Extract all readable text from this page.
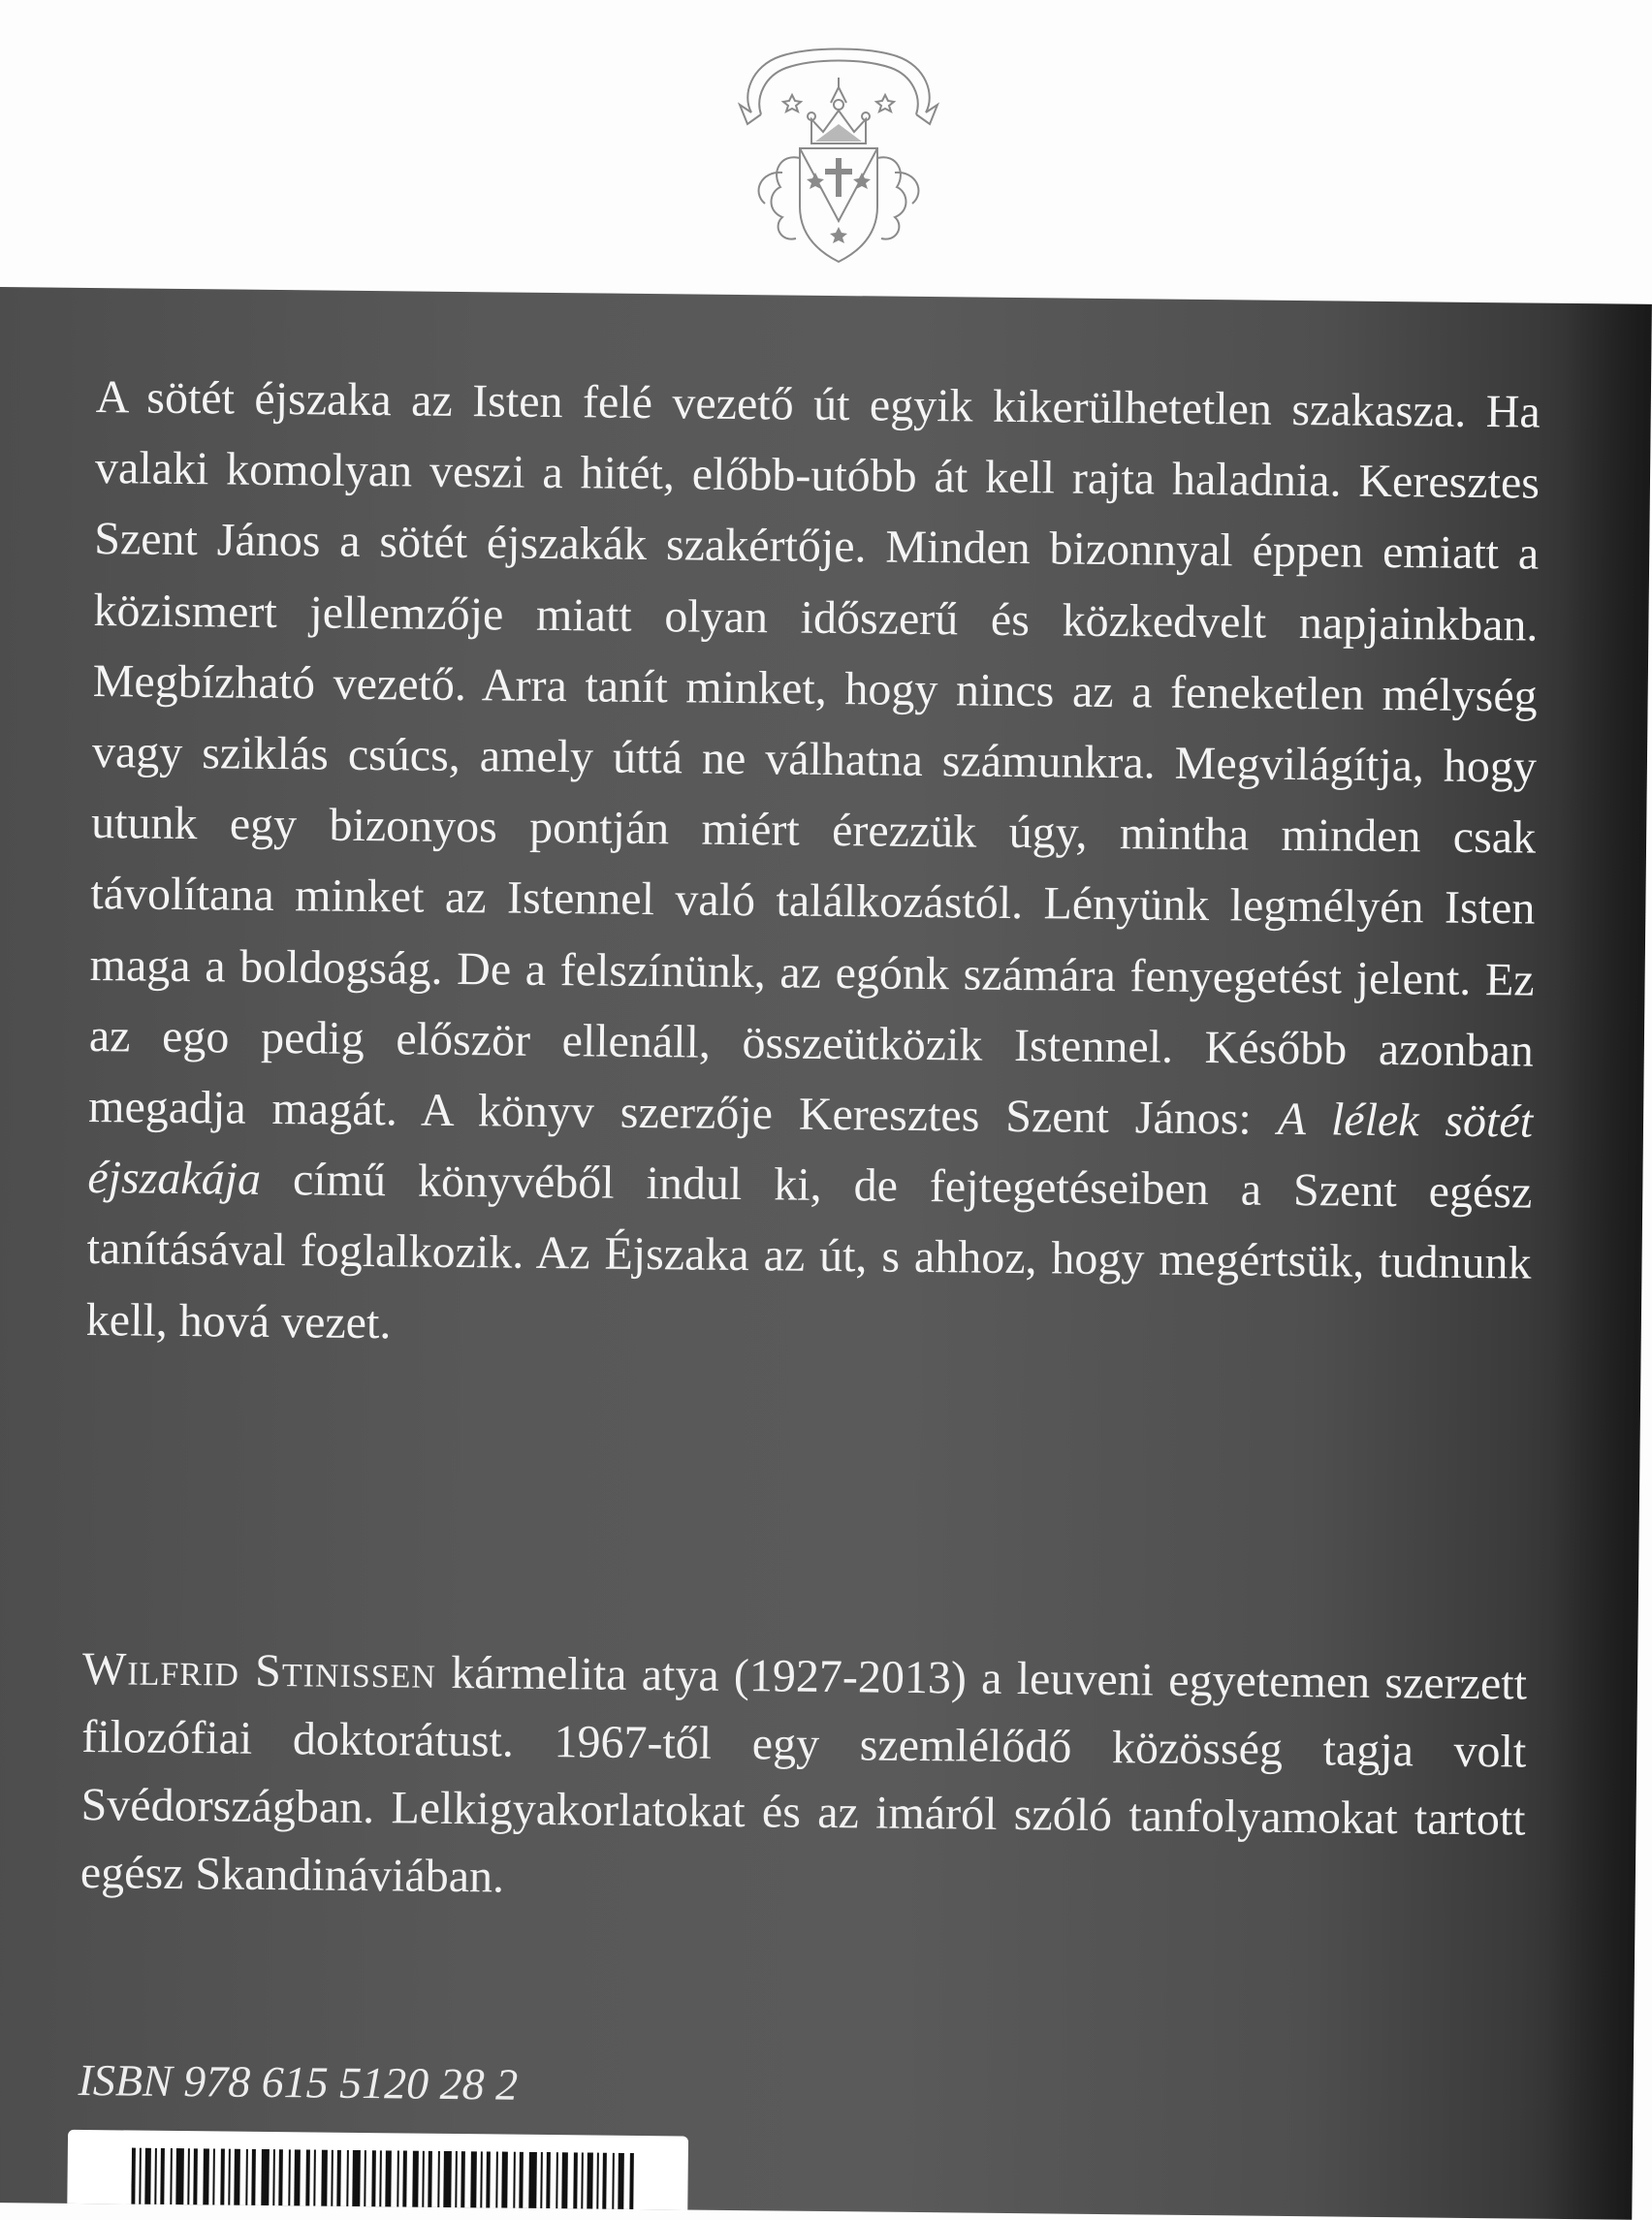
A sötét éjszaka az Isten felé vezető út egyik kikerülhetetlen szakasza. Ha valaki komolyan veszi a hitét, előbb-utóbb át kell rajta haladnia. Keresztes Szent János a sötét éjszakák szakértője. Minden bizonnyal éppen emiatt a közismert jellemzője miatt olyan időszerű és közkedvelt napjainkban. Megbízható vezető. Arra tanít minket, hogy nincs az a feneketlen mélység vagy sziklás csúcs, amely úttá ne válhatna számunkra. Megvilágítja, hogy utunk egy bizonyos pontján miért érezzük úgy, mintha minden csak távolítana minket az Istennel való találkozástól. Lényünk legmélyén Isten maga a boldogság. De a felszínünk, az egónk számára fenyegetést jelent. Ez az ego pedig először ellenáll, összeütközik Istennel. Később azonban megadja magát. A könyv szerzője Keresztes Szent János: A lélek sötét éjszakája című könyvéből indul ki, de fejtegetéseiben a Szent egész tanításával foglalkozik. Az Éjszaka az út, s ahhoz, hogy megértsük, tudnunk kell, hová vezet.

Wilfrid Stinissen kármelita atya (1927-2013) a leuveni egyetemen szerzett filozófiai doktorátust. 1967-től egy szemlélődő közösség tagja volt Svédországban. Lelkigyakorlatokat és az imáról szóló tanfolyamokat tartott egész Skandináviában.

ISBN 978 615 5120 28 2
